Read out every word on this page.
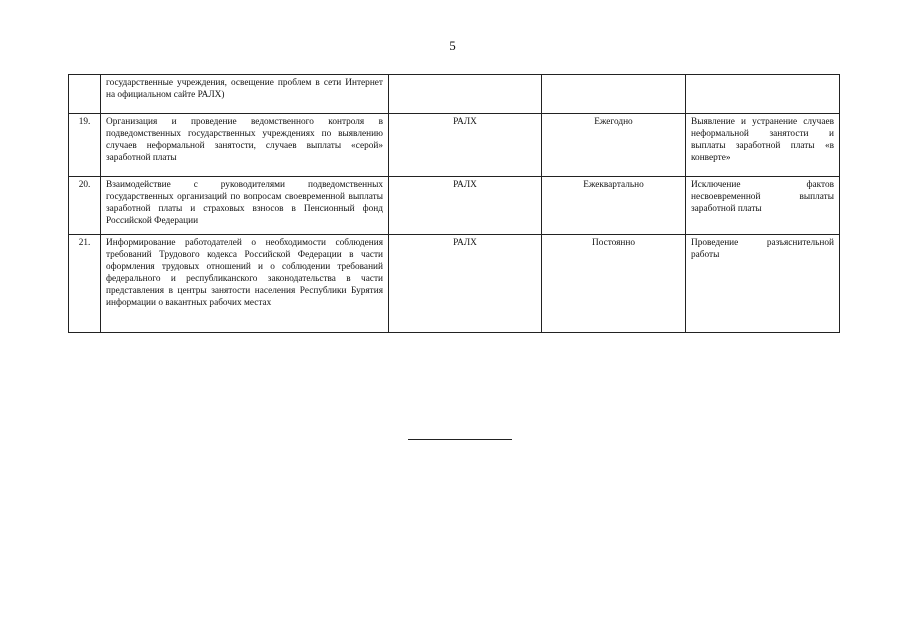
5
	государственные учреждения, освещение проблем в сети Интернет на официальном сайте РАЛХ)			
19.	Организация и проведение ведомственного контроля в подведомственных государственных учреждениях по выявлению случаев неформальной занятости, случаев выплаты «серой» заработной платы	РАЛХ	Ежегодно	Выявление и устранение случаев неформальной занятости и выплаты заработной платы «в конверте»
20.	Взаимодействие с руководителями подведомственных государственных организаций по вопросам своевременной выплаты заработной платы и страховых взносов в Пенсионный фонд Российской Федерации	РАЛХ	Ежеквартально	Исключение фактов несвоевременной выплаты заработной платы
21.	Информирование работодателей о необходимости соблюдения требований Трудового кодекса Российской Федерации в части оформления трудовых отношений и о соблюдении требований федерального и республиканского законодательства в части представления в центры занятости населения Республики Бурятия информации о вакантных рабочих местах	РАЛХ	Постоянно	Проведение разъяснительной работы
